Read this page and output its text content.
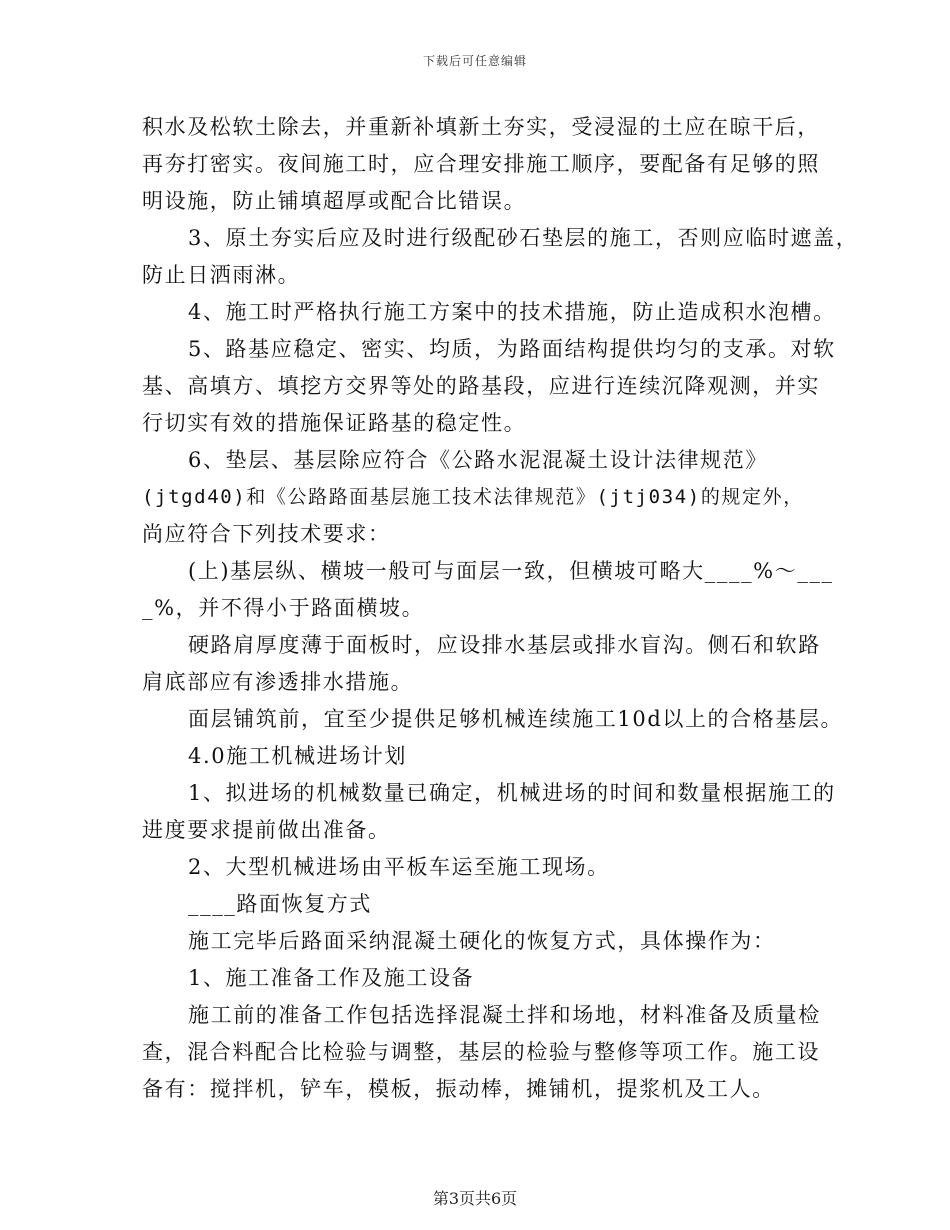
下载后可任意编辑
积水及松软土除去，并重新补填新土夯实，受浸湿的土应在晾干后，
再夯打密实。夜间施工时，应合理安排施工顺序，要配备有足够的照
明设施，防止铺填超厚或配合比错误。
3、原土夯实后应及时进行级配砂石垫层的施工，否则应临时遮盖，
防止日洒雨淋。
4、施工时严格执行施工方案中的技术措施，防止造成积水泡槽。
5、路基应稳定、密实、均质，为路面结构提供均匀的支承。对软
基、高填方、填挖方交界等处的路基段，应进行连续沉降观测，并实
行切实有效的措施保证路基的稳定性。
6、垫层、基层除应符合《公路水泥混凝土设计法律规范》
(jtgd40)和《公路路面基层施工技术法律规范》(jtj034)的规定外，
尚应符合下列技术要求：
(上)基层纵、横坡一般可与面层一致，但横坡可略大____%～___
_%，并不得小于路面横坡。
硬路肩厚度薄于面板时，应设排水基层或排水盲沟。侧石和软路
肩底部应有渗透排水措施。
面层铺筑前，宜至少提供足够机械连续施工10d以上的合格基层。
4.0施工机械进场计划
1、拟进场的机械数量已确定，机械进场的时间和数量根据施工的
进度要求提前做出准备。
2、大型机械进场由平板车运至施工现场。
____路面恢复方式
施工完毕后路面采纳混凝土硬化的恢复方式，具体操作为：
1、施工准备工作及施工设备
施工前的准备工作包括选择混凝土拌和场地，材料准备及质量检
查，混合料配合比检验与调整，基层的检验与整修等项工作。施工设
备有：搅拌机，铲车，模板，振动棒，摊铺机，提浆机及工人。
第3页共6页
